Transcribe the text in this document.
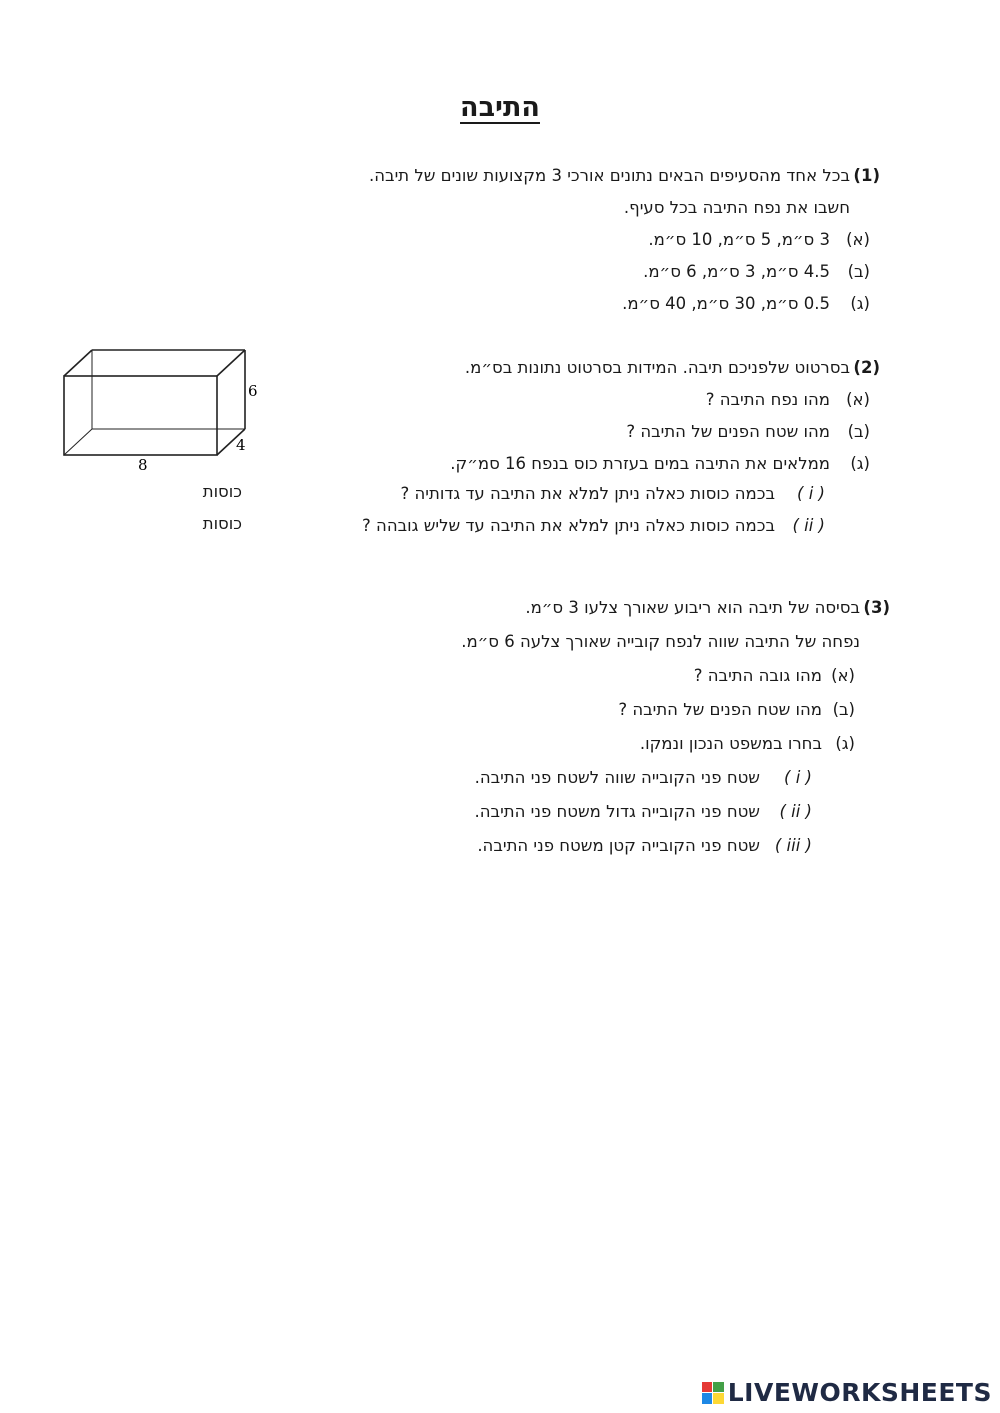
התיבה
(1)
בכל אחד מהסעיפים הבאים נתונים אורכי 3 מקצועות שונים של תיבה.
חשבו את נפח התיבה בכל סעיף.
(א)
3 ס״מ, 5 ס״מ, 10 ס״מ.
(ב)
4.5 ס״מ, 3 ס״מ, 6 ס״מ.
(ג)
0.5 ס״מ, 30 ס״מ, 40 ס״מ.
(2)
בסרטוט שלפניכם תיבה. המידות בסרטוט נתונות בס״מ.
(א)
מהו נפח התיבה ?
(ב)
מהו שטח הפנים של התיבה ?
(ג)
ממלאים את התיבה במים בעזרת כוס בנפח 16 סמ״ק.
( i )
בכמה כוסות כאלה ניתן למלא את התיבה עד גדותיה ?
כוסות
( ii )
בכמה כוסות כאלה ניתן למלא את התיבה עד שליש גובהה ?
כוסות
6
4
8
(3)
בסיסה של תיבה הוא ריבוע שאורך צלעו 3 ס״מ.
נפחה של התיבה שווה לנפח קובייה שאורך צלעה 6 ס״מ.
(א)
מהו גובה התיבה ?
(ב)
מהו שטח הפנים של התיבה ?
(ג)
בחרו במשפט הנכון ונמקו.
( i )
שטח פני הקובייה שווה לשטח פני התיבה.
( ii )
שטח פני הקובייה גדול משטח פני התיבה.
( iii )
שטח פני הקובייה קטן משטח פני התיבה.
LIVEWORKSHEETS
